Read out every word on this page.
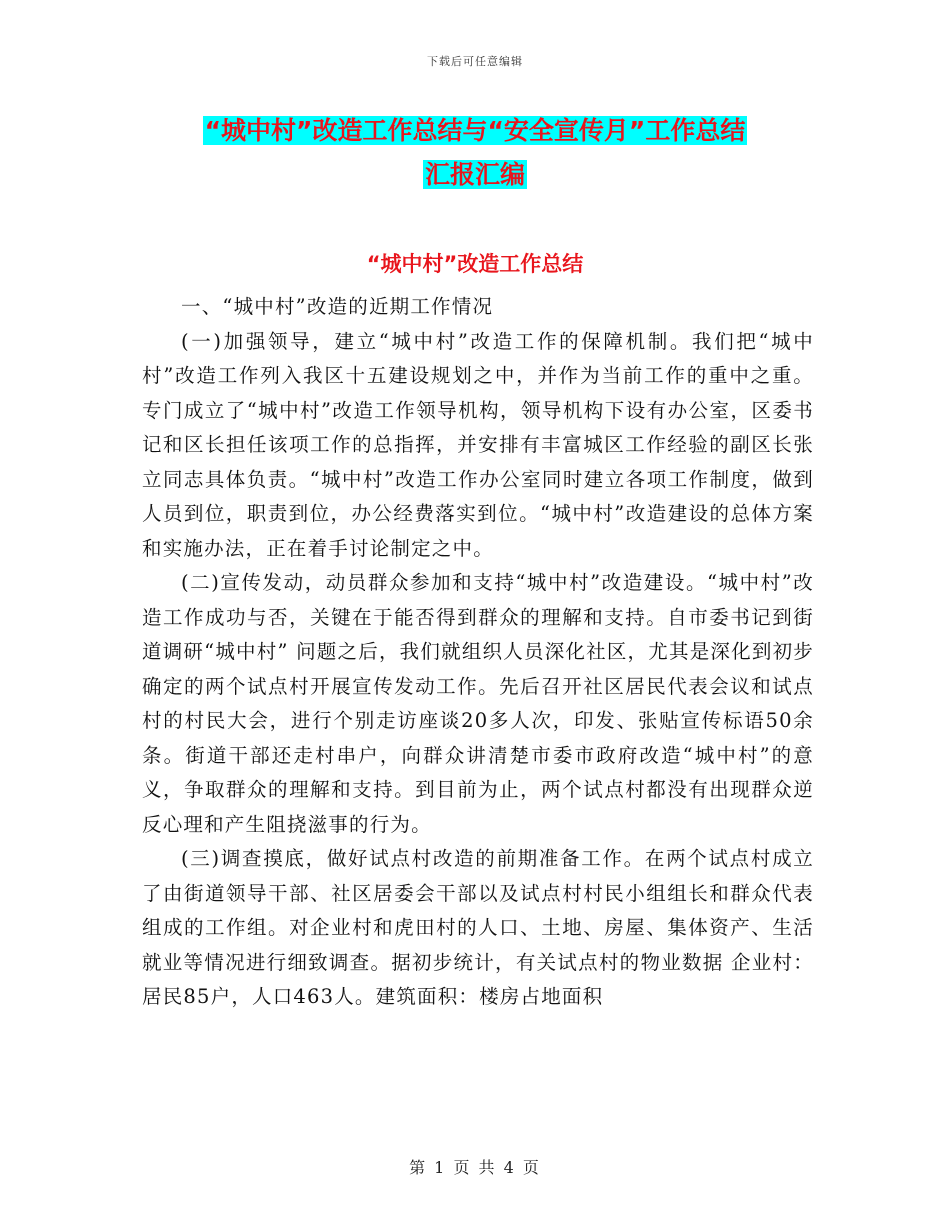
下载后可任意编辑
“城中村”改造工作总结与“安全宣传月”工作总结
汇报汇编
“城中村”改造工作总结

一、“城中村”改造的近期工作情况

(一)加强领导，建立“城中村”改造工作的保障机制。我们把“城中村”改造工作列入我区十五建设规划之中，并作为当前工作的重中之重。专门成立了“城中村”改造工作领导机构，领导机构下设有办公室，区委书记和区长担任该项工作的总指挥，并安排有丰富城区工作经验的副区长张立同志具体负责。“城中村”改造工作办公室同时建立各项工作制度，做到人员到位，职责到位，办公经费落实到位。“城中村”改造建设的总体方案和实施办法，正在着手讨论制定之中。

(二)宣传发动，动员群众参加和支持“城中村”改造建设。“城中村”改造工作成功与否，关键在于能否得到群众的理解和支持。自市委书记到街道调研“城中村” 问题之后，我们就组织人员深化社区，尤其是深化到初步确定的两个试点村开展宣传发动工作。先后召开社区居民代表会议和试点村的村民大会，进行个别走访座谈20多人次，印发、张贴宣传标语50余条。街道干部还走村串户，向群众讲清楚市委市政府改造“城中村”的意义，争取群众的理解和支持。到目前为止，两个试点村都没有出现群众逆反心理和产生阻挠滋事的行为。

(三)调查摸底，做好试点村改造的前期准备工作。在两个试点村成立了由街道领导干部、社区居委会干部以及试点村村民小组组长和群众代表组成的工作组。对企业村和虎田村的人口、土地、房屋、集体资产、生活就业等情况进行细致调查。据初步统计，有关试点村的物业数据 企业村：居民85户，人口463人。建筑面积：楼房占地面积

第 1 页 共 4 页
